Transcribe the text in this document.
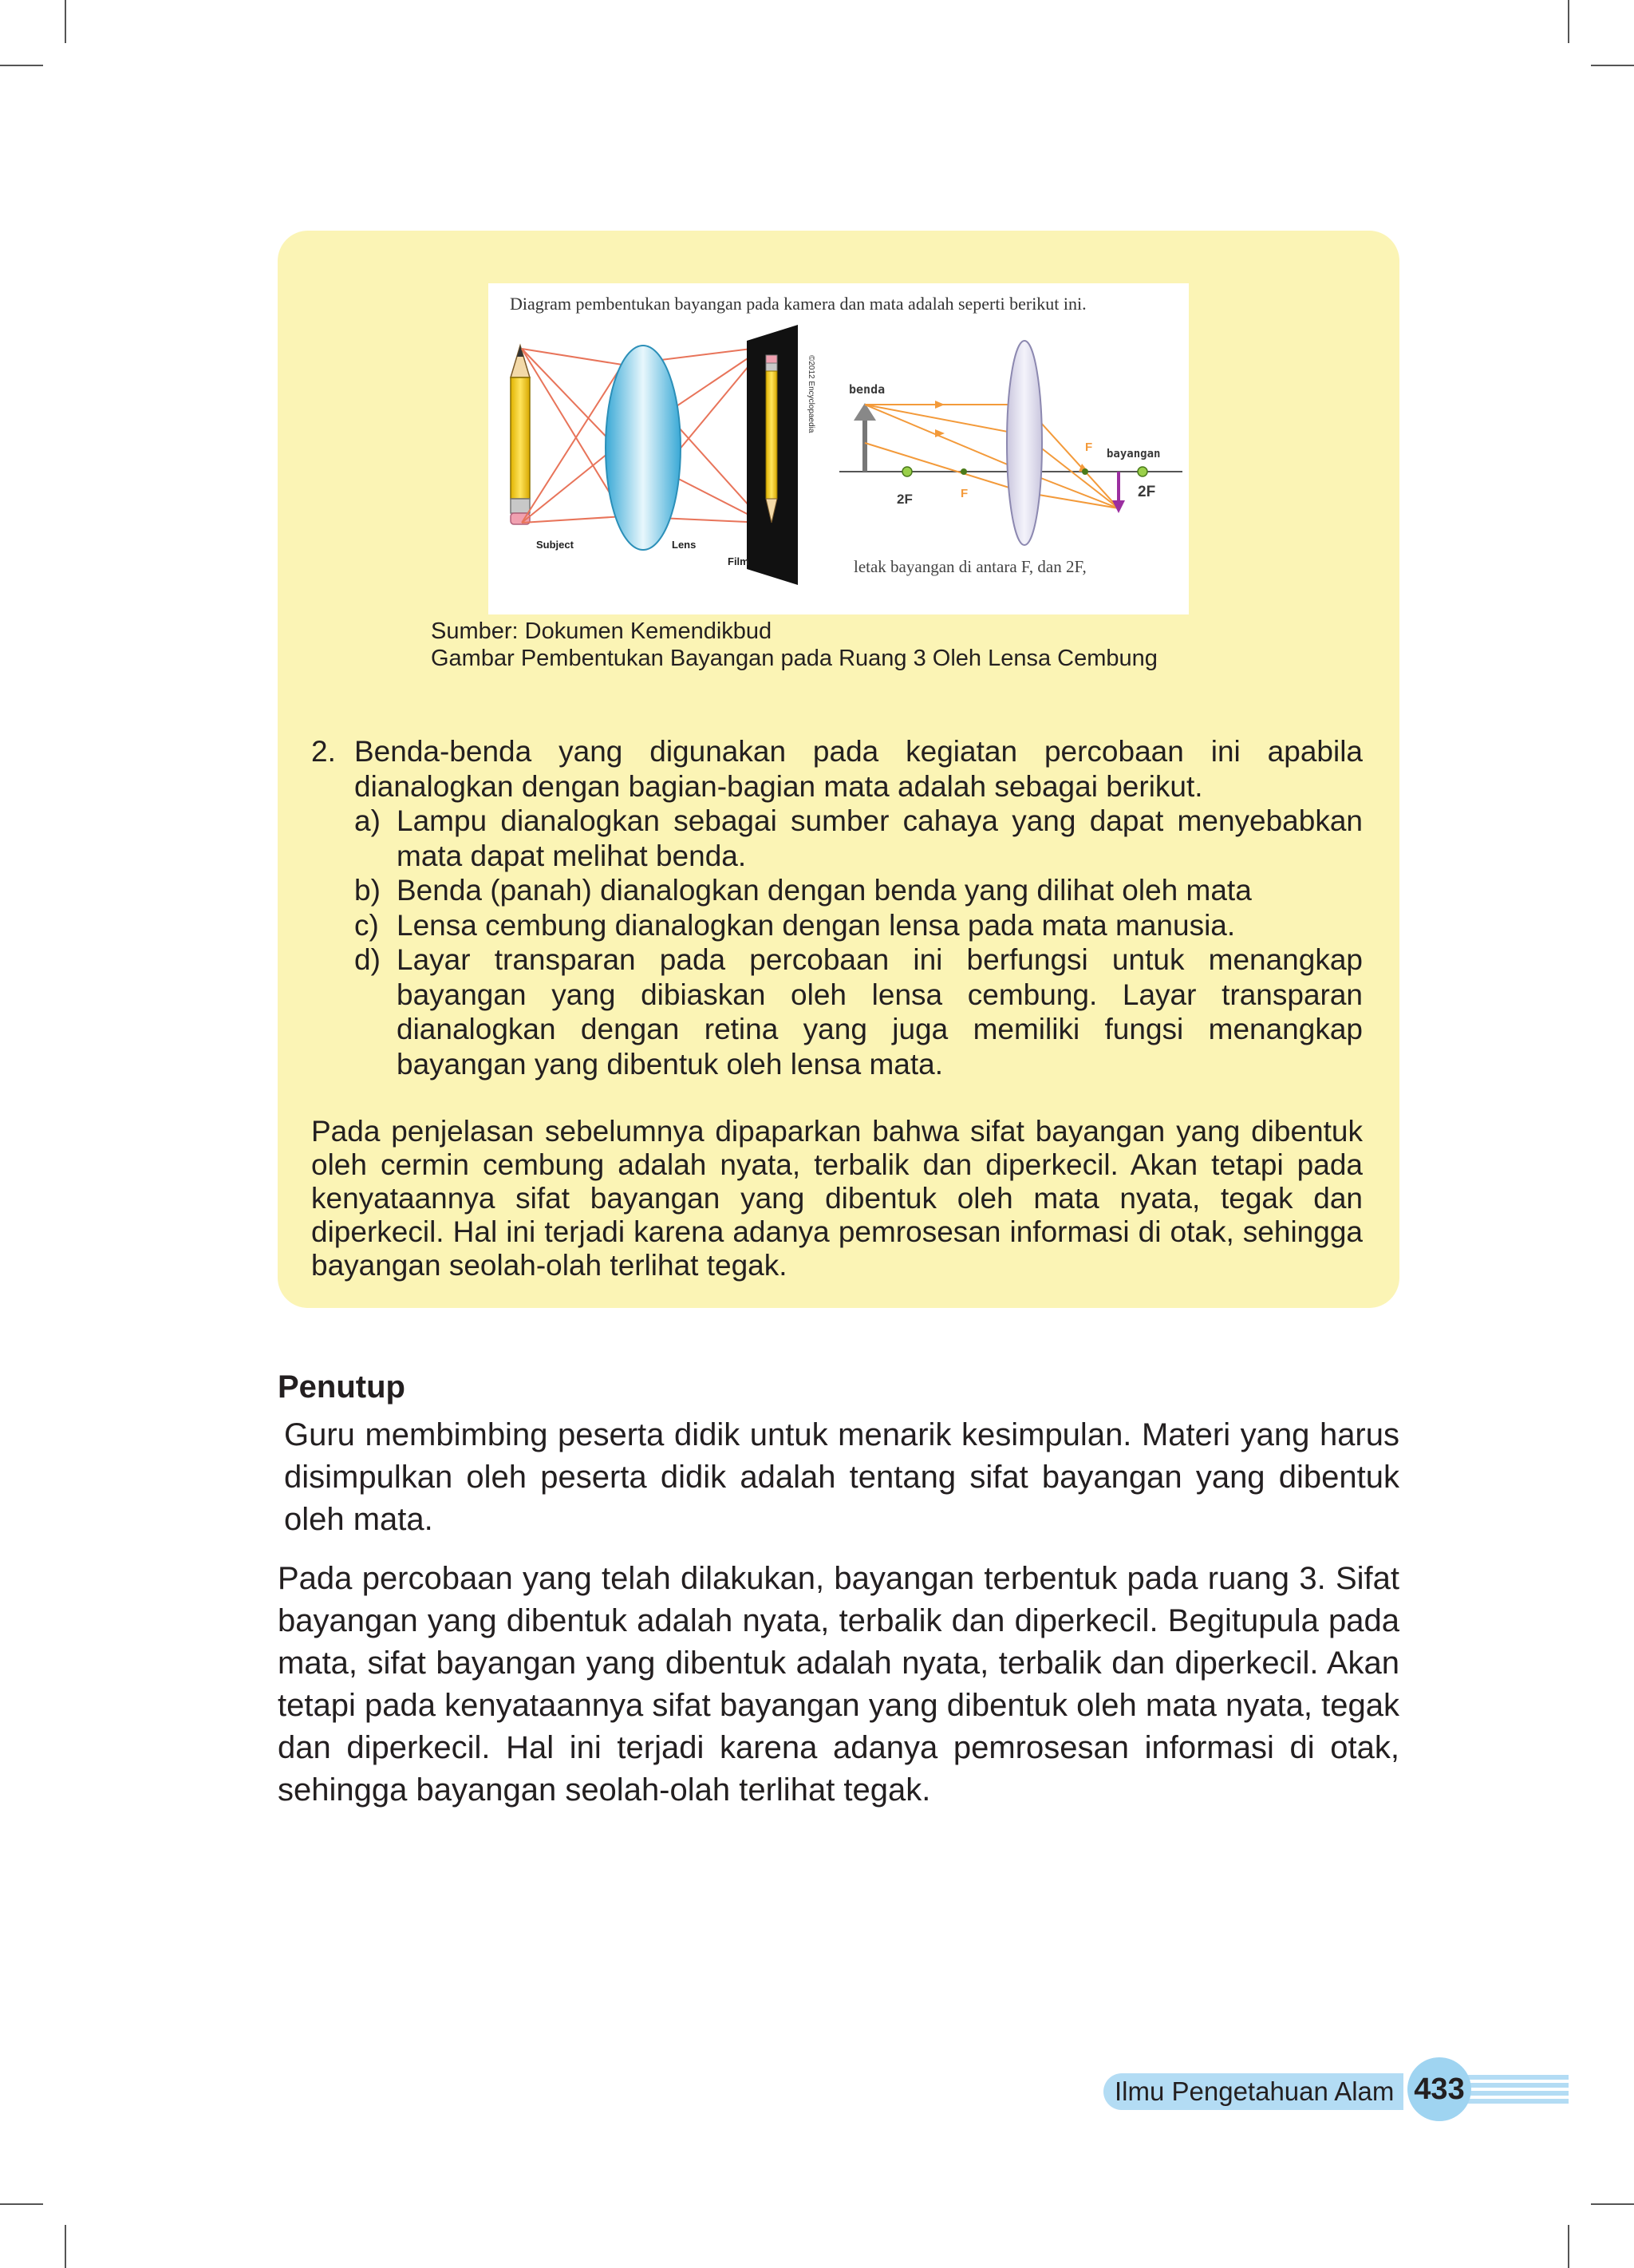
Diagram pembentukan bayangan pada kamera dan mata adalah seperti berikut ini.
©2012 Encyclopaedia
Subject	Lens
Film
benda
bayangan
F
F
2F	2F
letak bayangan di antara F, dan 2F,
Sumber: Dokumen Kemendikbud
Gambar Pembentukan Bayangan pada Ruang 3 Oleh Lensa Cembung
2. Benda-benda yang digunakan pada kegiatan percobaan ini apabila dianalogkan dengan bagian-bagian mata adalah sebagai berikut.
a) Lampu dianalogkan sebagai sumber cahaya yang dapat menyebabkan mata dapat melihat benda.
b) Benda (panah) dianalogkan dengan benda yang dilihat oleh mata
c) Lensa cembung dianalogkan dengan lensa pada mata manusia.
d) Layar transparan pada percobaan ini berfungsi untuk menangkap bayangan yang dibiaskan oleh lensa cembung. Layar transparan dianalogkan dengan retina yang juga memiliki fungsi menangkap bayangan yang dibentuk oleh lensa mata.
Pada penjelasan sebelumnya dipaparkan bahwa sifat bayangan yang dibentuk oleh cermin cembung adalah nyata, terbalik dan diperkecil. Akan tetapi pada kenyataannya sifat bayangan yang dibentuk oleh mata nyata, tegak dan diperkecil. Hal ini terjadi karena adanya pemrosesan informasi di otak, sehingga bayangan seolah-olah terlihat tegak.
Penutup
Guru membimbing peserta didik untuk menarik kesimpulan. Materi yang harus disimpulkan oleh peserta didik adalah tentang sifat bayangan yang dibentuk oleh mata.
Pada percobaan yang telah dilakukan, bayangan terbentuk pada ruang 3. Sifat bayangan yang dibentuk adalah nyata, terbalik dan diperkecil. Begitupula pada mata, sifat bayangan yang dibentuk adalah nyata, terbalik dan diperkecil. Akan tetapi pada kenyataannya sifat bayangan yang dibentuk oleh mata nyata, tegak dan diperkecil. Hal ini terjadi karena adanya pemrosesan informasi di otak, sehingga bayangan seolah-olah terlihat tegak.
Ilmu Pengetahuan Alam 433
